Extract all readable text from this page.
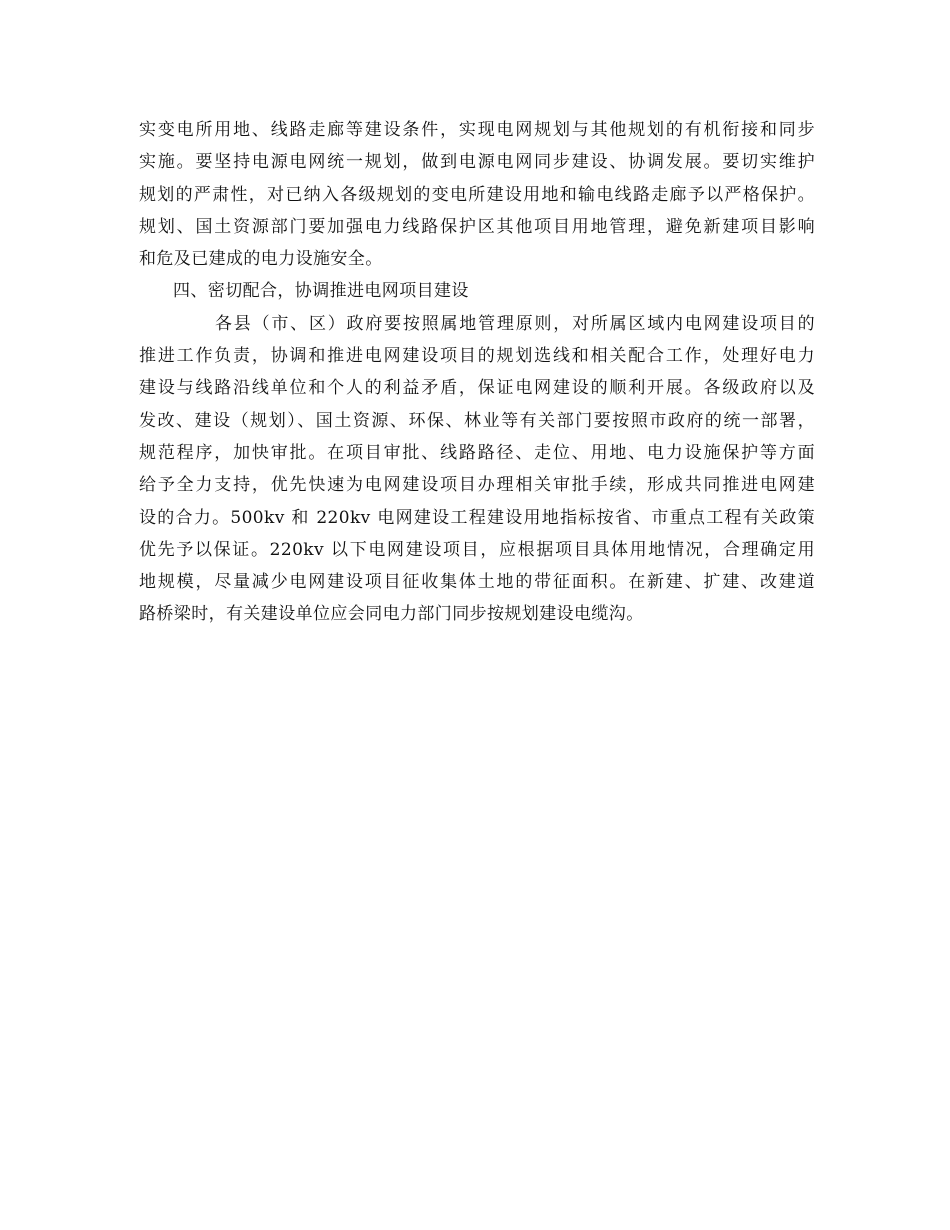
实变电所用地、线路走廊等建设条件，实现电网规划与其他规划的有机衔接和同步
实施。要坚持电源电网统一规划，做到电源电网同步建设、协调发展。要切实维护
规划的严肃性，对已纳入各级规划的变电所建设用地和输电线路走廊予以严格保护。
规划、国土资源部门要加强电力线路保护区其他项目用地管理，避免新建项目影响
和危及已建成的电力设施安全。
四、密切配合，协调推进电网项目建设
各县（市、区）政府要按照属地管理原则，对所属区域内电网建设项目的
推进工作负责，协调和推进电网建设项目的规划选线和相关配合工作，处理好电力
建设与线路沿线单位和个人的利益矛盾，保证电网建设的顺利开展。各级政府以及
发改、建设（规划）、国土资源、环保、林业等有关部门要按照市政府的统一部署，
规范程序，加快审批。在项目审批、线路路径、走位、用地、电力设施保护等方面
给予全力支持，优先快速为电网建设项目办理相关审批手续，形成共同推进电网建
设的合力。500kv 和 220kv 电网建设工程建设用地指标按省、市重点工程有关政策
优先予以保证。220kv 以下电网建设项目，应根据项目具体用地情况，合理确定用
地规模，尽量减少电网建设项目征收集体土地的带征面积。在新建、扩建、改建道
路桥梁时，有关建设单位应会同电力部门同步按规划建设电缆沟。
